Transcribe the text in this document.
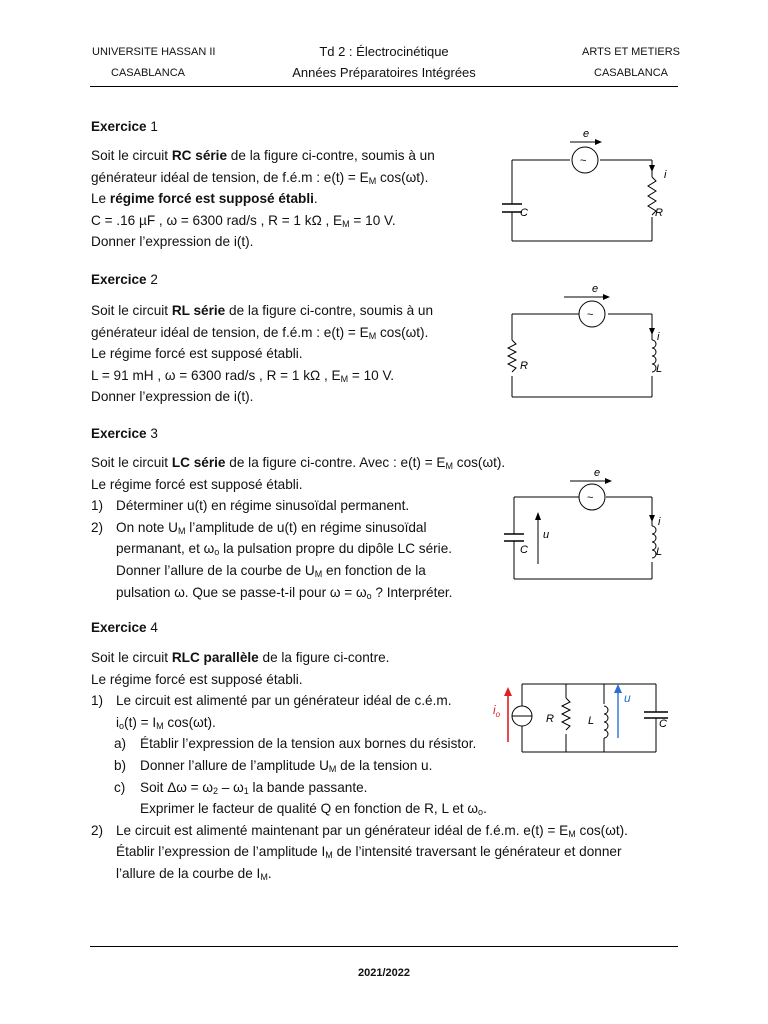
UNIVERSITE HASSAN II
CASABLANCA
Td 2 : Électrocinétique
Années Préparatoires Intégrées
ARTS ET METIERS
CASABLANCA
Exercice 1

Soit le circuit RC série de la figure ci-contre, soumis à un

générateur idéal de tension, de f.é.m : $e(t) = E_M$ cos(ωt).

Le régime forcé est supposé établi.

C = .16 µF , ω = 6300 rad/s , R = 1 kΩ , $E_M = 10$ V.

Donner l’expression de i(t).

~
e
i
C	R
Exercice 2

Soit le circuit RL série de la figure ci-contre, soumis à un

générateur idéal de tension, de f.é.m : $e(t) = E_M$ cos(ωt).

Le régime forcé est supposé établi.

L = 91 mH , ω = 6300 rad/s , R = 1 kΩ , $E_M = 10$ V.

Donner l’expression de i(t).

~
e
i
R	L
Exercice 3

Soit le circuit LC série de la figure ci-contre. Avec : $e(t) = E_M$ cos(ωt).

Le régime forcé est supposé établi.

1) Déterminer u(t) en régime sinusoïdal permanent.
2) On note $U_M$ l’amplitude de u(t) en régime sinusoïdal
permanant, et $\omega_o$ la pulsation propre du dipôle LC série.
Donner l’allure de la courbe de $U_M$ en fonction de la
pulsation ω. Que se passe-t-il pour $\omega = \omega_o$ ? Interpréter.
~
e
i
u
C	L
Exercice 4

Soit le circuit RLC parallèle de la figure ci-contre.

Le régime forcé est supposé établi.

1) Le circuit est alimenté par un générateur idéal de c.é.m.
$i_o(t) = I_M$ cos(ωt).
a) Établir l’expression de la tension aux bornes du résistor.
b) Donner l’allure de l’amplitude $U_M$ de la tension u.
c) Soit $\Delta\omega = \omega_2 - \omega_1$ la bande passante.
Exprimer le facteur de qualité Q en fonction de R, L et $\omega_o$.
2) Le circuit est alimenté maintenant par un générateur idéal de f.é.m. $e(t) = E_M$ cos(ωt).
Établir l’expression de l’amplitude $I_M$ de l’intensité traversant le générateur et donner
l’allure de la courbe de $I_M$.
$i_o$	R	L
u
C
2021/2022
